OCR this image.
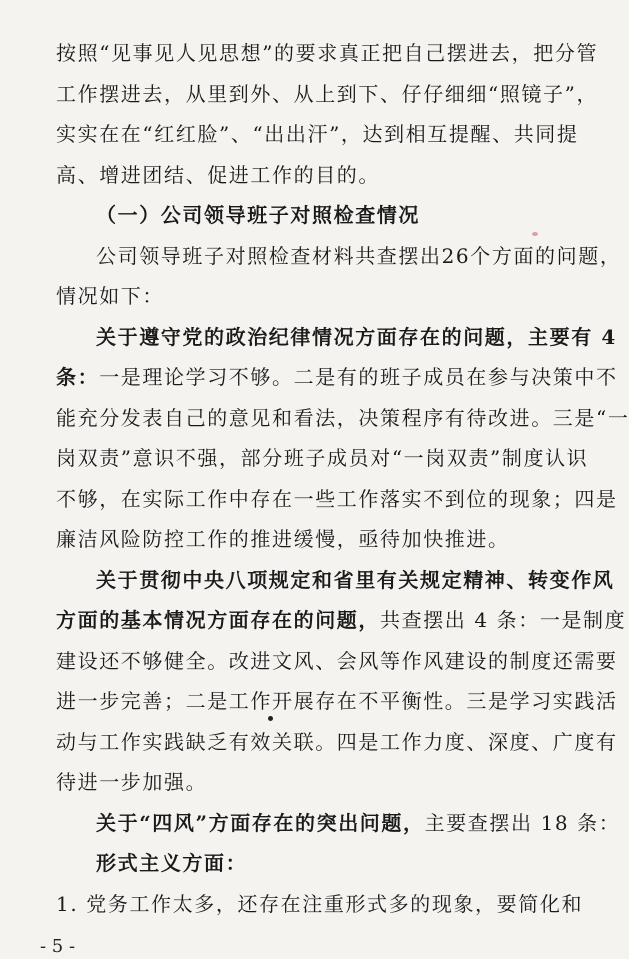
按照“见事见人见思想”的要求真正把自己摆进去，把分管
工作摆进去，从里到外、从上到下、仔仔细细“照镜子”，
实实在在“红红脸”、“出出汗”，达到相互提醒、共同提
高、增进团结、促进工作的目的。
（一）公司领导班子对照检查情况
公司领导班子对照检查材料共查摆出26个方面的问题，
情况如下：
关于遵守党的政治纪律情况方面存在的问题，主要有 4
条：一是理论学习不够。二是有的班子成员在参与决策中不
能充分发表自己的意见和看法，决策程序有待改进。三是“一
岗双责”意识不强，部分班子成员对“一岗双责”制度认识
不够，在实际工作中存在一些工作落实不到位的现象；四是
廉洁风险防控工作的推进缓慢，亟待加快推进。
关于贯彻中央八项规定和省里有关规定精神、转变作风
方面的基本情况方面存在的问题，共查摆出 4 条：一是制度
建设还不够健全。改进文风、会风等作风建设的制度还需要
进一步完善；二是工作开展存在不平衡性。三是学习实践活
动与工作实践缺乏有效关联。四是工作力度、深度、广度有
待进一步加强。
关于“四风”方面存在的突出问题，主要查摆出 18 条：
形式主义方面：
- 5 -
1. 党务工作太多，还存在注重形式多的现象，要简化和
